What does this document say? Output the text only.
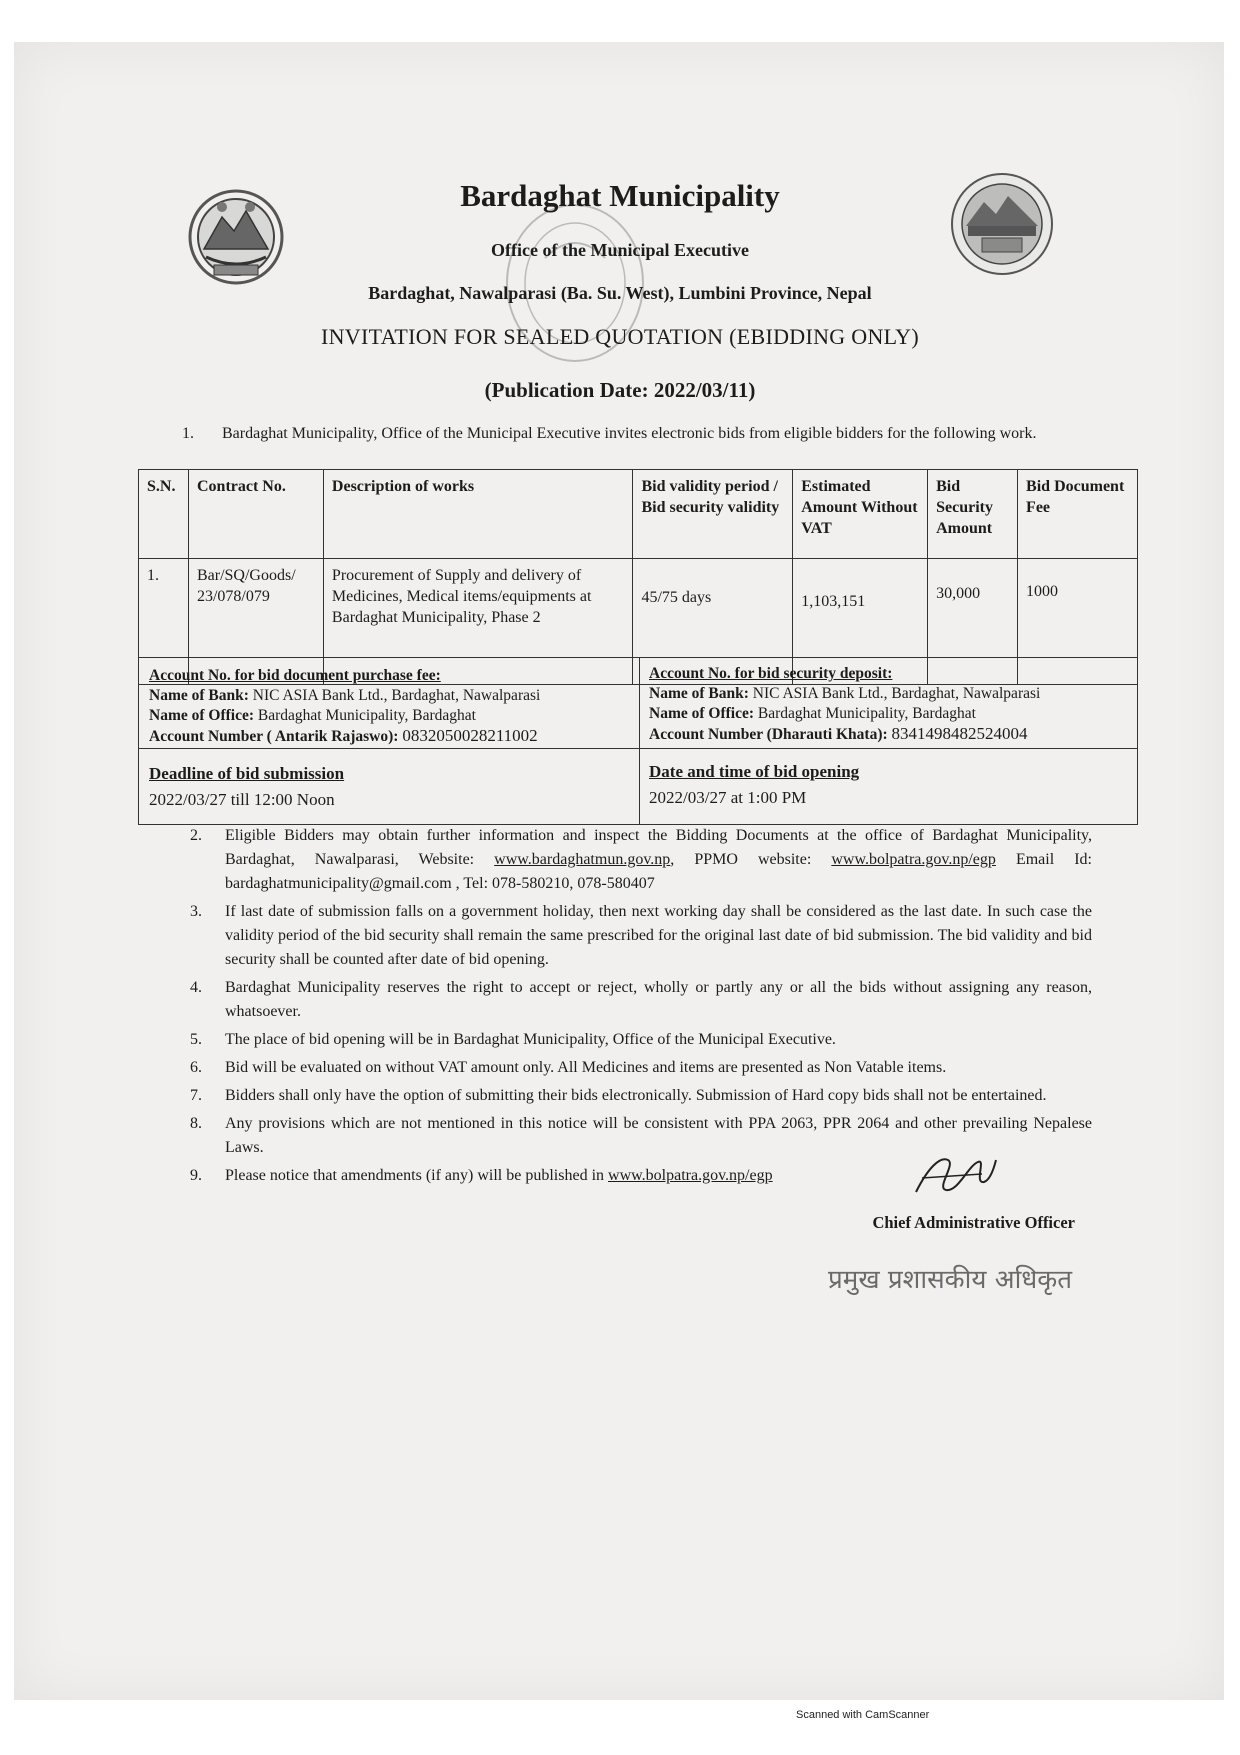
Bardaghat Municipality
Office of the Municipal Executive
Bardaghat, Nawalparasi (Ba. Su. West), Lumbini Province, Nepal
INVITATION FOR SEALED QUOTATION (EBIDDING ONLY)
(Publication Date: 2022/03/11)
1. Bardaghat Municipality, Office of the Municipal Executive invites electronic bids from eligible bidders for the following work.
S.N.	Contract No.	Description of works	Bid validity period / Bid security validity	Estimated Amount Without VAT	Bid Security Amount	Bid Document Fee
1.	Bar/SQ/Goods/ 23/078/079	Procurement of Supply and delivery of Medicines, Medical items/equipments at Bardaghat Municipality, Phase 2	45/75 days	1,103,151	30,000	1000
Account No. for bid document purchase fee:
Name of Bank: NIC ASIA Bank Ltd., Bardaghat, Nawalparasi
Name of Office: Bardaghat Municipality, Bardaghat
Account Number ( Antarik Rajaswo): 0832050028211002
Account No. for bid security deposit:
Name of Bank: NIC ASIA Bank Ltd., Bardaghat, Nawalparasi
Name of Office: Bardaghat Municipality, Bardaghat
Account Number (Dharauti Khata): 8341498482524004
Deadline of bid submission
2022/03/27 till 12:00 Noon
Date and time of bid opening
2022/03/27 at 1:00 PM
2. Eligible Bidders may obtain further information and inspect the Bidding Documents at the office of Bardaghat Municipality, Bardaghat, Nawalparasi, Website: www.bardaghatmun.gov.np, PPMO website: www.bolpatra.gov.np/egp Email Id: bardaghatmunicipality@gmail.com , Tel: 078-580210, 078-580407
3. If last date of submission falls on a government holiday, then next working day shall be considered as the last date. In such case the validity period of the bid security shall remain the same prescribed for the original last date of bid submission. The bid validity and bid security shall be counted after date of bid opening.
4. Bardaghat Municipality reserves the right to accept or reject, wholly or partly any or all the bids without assigning any reason, whatsoever.
5. The place of bid opening will be in Bardaghat Municipality, Office of the Municipal Executive.
6. Bid will be evaluated on without VAT amount only. All Medicines and items are presented as Non Vatable items.
7. Bidders shall only have the option of submitting their bids electronically. Submission of Hard copy bids shall not be entertained.
8. Any provisions which are not mentioned in this notice will be consistent with PPA 2063, PPR 2064 and other prevailing Nepalese Laws.
9. Please notice that amendments (if any) will be published in www.bolpatra.gov.np/egp
Chief Administrative Officer
प्रमुख प्रशासकीय अधिकृत
Scanned with CamScanner
